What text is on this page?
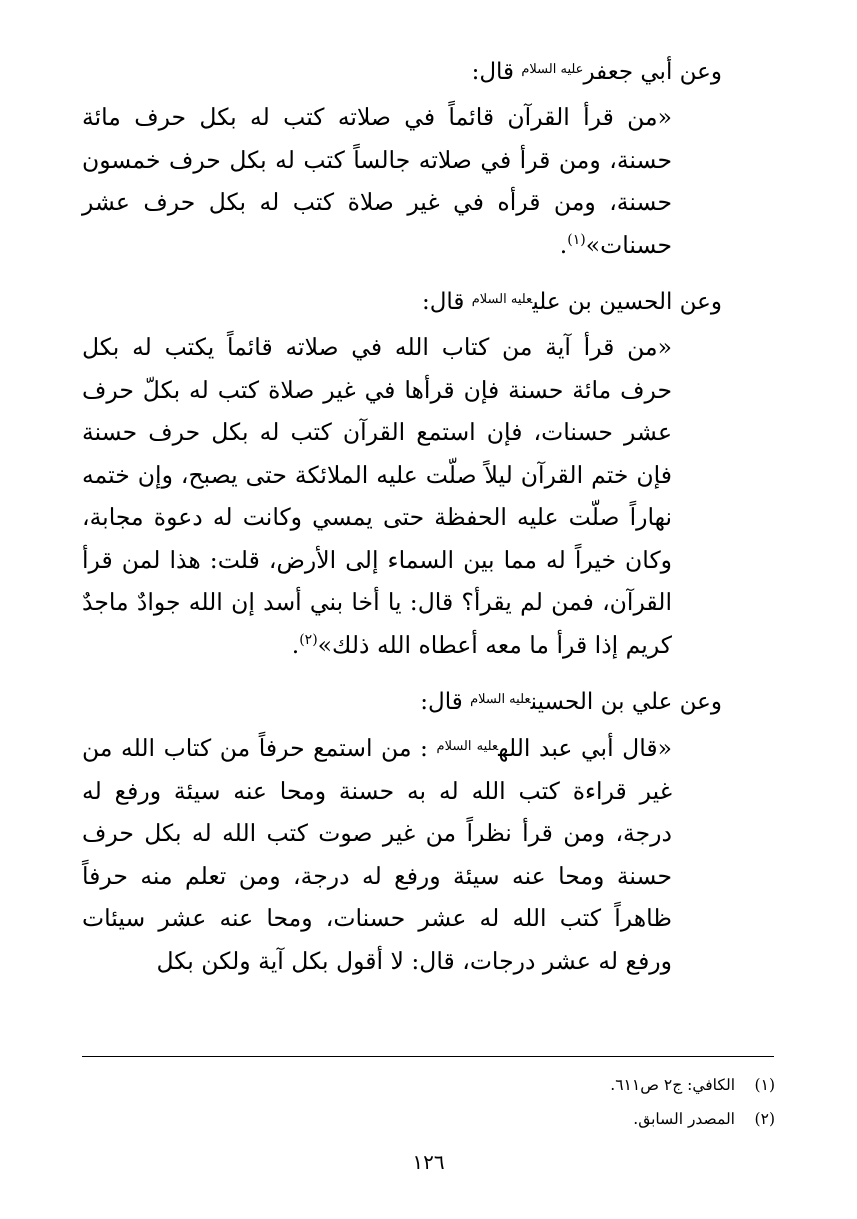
وعن أبي جعفر$^{عليه السلام}$ قال:
«من قرأ القرآن قائماً في صلاته كتب له بكل حرف مائة حسنة، ومن قرأ في صلاته جالساً كتب له بكل حرف خمسون حسنة، ومن قرأه في غير صلاة كتب له بكل حرف عشر حسنات»$^{(١)}$.
وعن الحسين بن علي$^{عليه السلام}$ قال:
«من قرأ آية من كتاب الله في صلاته قائماً يكتب له بكل حرف مائة حسنة فإن قرأها في غير صلاة كتب له بكلّ حرف عشر حسنات، فإن استمع القرآن كتب له بكل حرف حسنة فإن ختم القرآن ليلاً صلّت عليه الملائكة حتى يصبح، وإن ختمه نهاراً صلّت عليه الحفظة حتى يمسي وكانت له دعوة مجابة، وكان خيراً له مما بين السماء إلى الأرض، قلت: هذا لمن قرأ القرآن، فمن لم يقرأ؟ قال: يا أخا بني أسد إن الله جوادٌ ماجدٌ كريم إذا قرأ ما معه أعطاه الله ذلك»$^{(٢)}$.
وعن علي بن الحسين$^{عليه السلام}$ قال:
«قال أبي عبد الله$^{عليه السلام}$ : من استمع حرفاً من كتاب الله من غير قراءة كتب الله له به حسنة ومحا عنه سيئة ورفع له درجة، ومن قرأ نظراً من غير صوت كتب الله له بكل حرف حسنة ومحا عنه سيئة ورفع له درجة، ومن تعلم منه حرفاً ظاهراً كتب الله له عشر حسنات، ومحا عنه عشر سيئات ورفع له عشر درجات، قال: لا أقول بكل آية ولكن بكل
(١)الكافي: ج٢ ص٦١١.
(٢)المصدر السابق.
١٢٦
